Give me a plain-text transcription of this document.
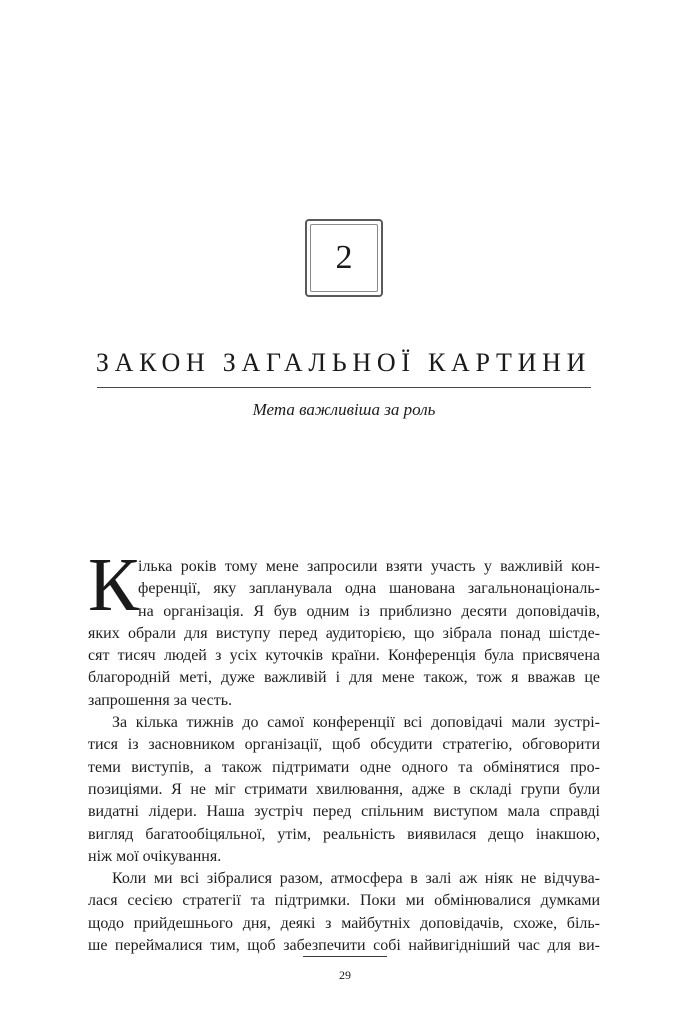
2
ЗАКОН ЗАГАЛЬНОЇ КАРТИНИ
Мета важливіша за роль
К ілька років тому мене запросили взяти участь у важливій кон-
ференції, яку запланувала одна шанована загальнонаціональ-
на організація. Я був одним із приблизно десяти доповідачів,
яких обрали для виступу перед аудиторією, що зібрала понад шістде-
сят тисяч людей з усіх куточків країни. Конференція була присвячена
благородній меті, дуже важливій і для мене також, тож я вважав це
запрошення за честь.
За кілька тижнів до самої конференції всі доповідачі мали зустрі-
тися із засновником організації, щоб обсудити стратегію, обговорити
теми виступів, а також підтримати одне одного та обмінятися про-
позиціями. Я не міг стримати хвилювання, адже в складі групи були
видатні лідери. Наша зустріч перед спільним виступом мала справді
вигляд багатообіцяльної, утім, реальність виявилася дещо інакшою,
ніж мої очікування.
Коли ми всі зібралися разом, атмосфера в залі аж ніяк не відчува-
лася сесією стратегії та підтримки. Поки ми обмінювалися думками
щодо прийдешнього дня, деякі з майбутніх доповідачів, схоже, біль-
ше переймалися тим, щоб забезпечити собі найвигідніший час для ви-
29
